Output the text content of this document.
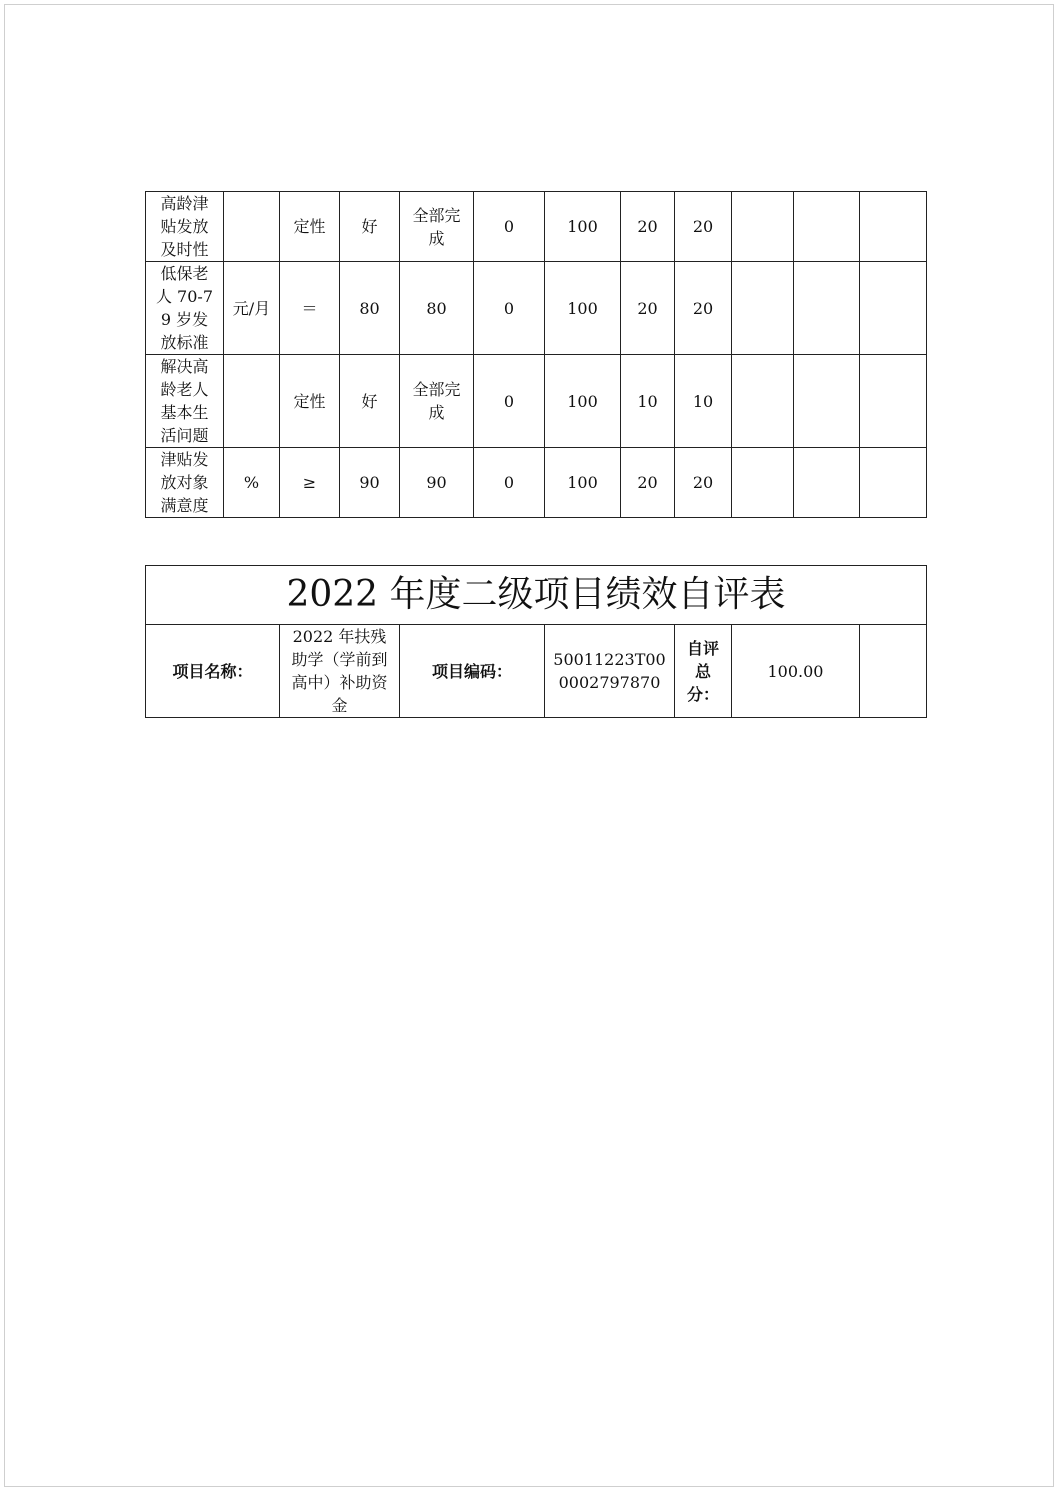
高龄津贴发放及时性		定性	好	全部完成	0	100	20	20			
低保老人 70-79 岁发放标准	元/月	＝	80	80	0	100	20	20			
解决高龄老人基本生活问题		定性	好	全部完成	0	100	10	10			
津贴发放对象满意度	%	≥	90	90	0	100	20	20			
2022 年度二级项目绩效自评表
项目名称：	2022 年扶残助学（学前到高中）补助资金	项目编码：	50011223T000002797870	自评总分：	100.00	
